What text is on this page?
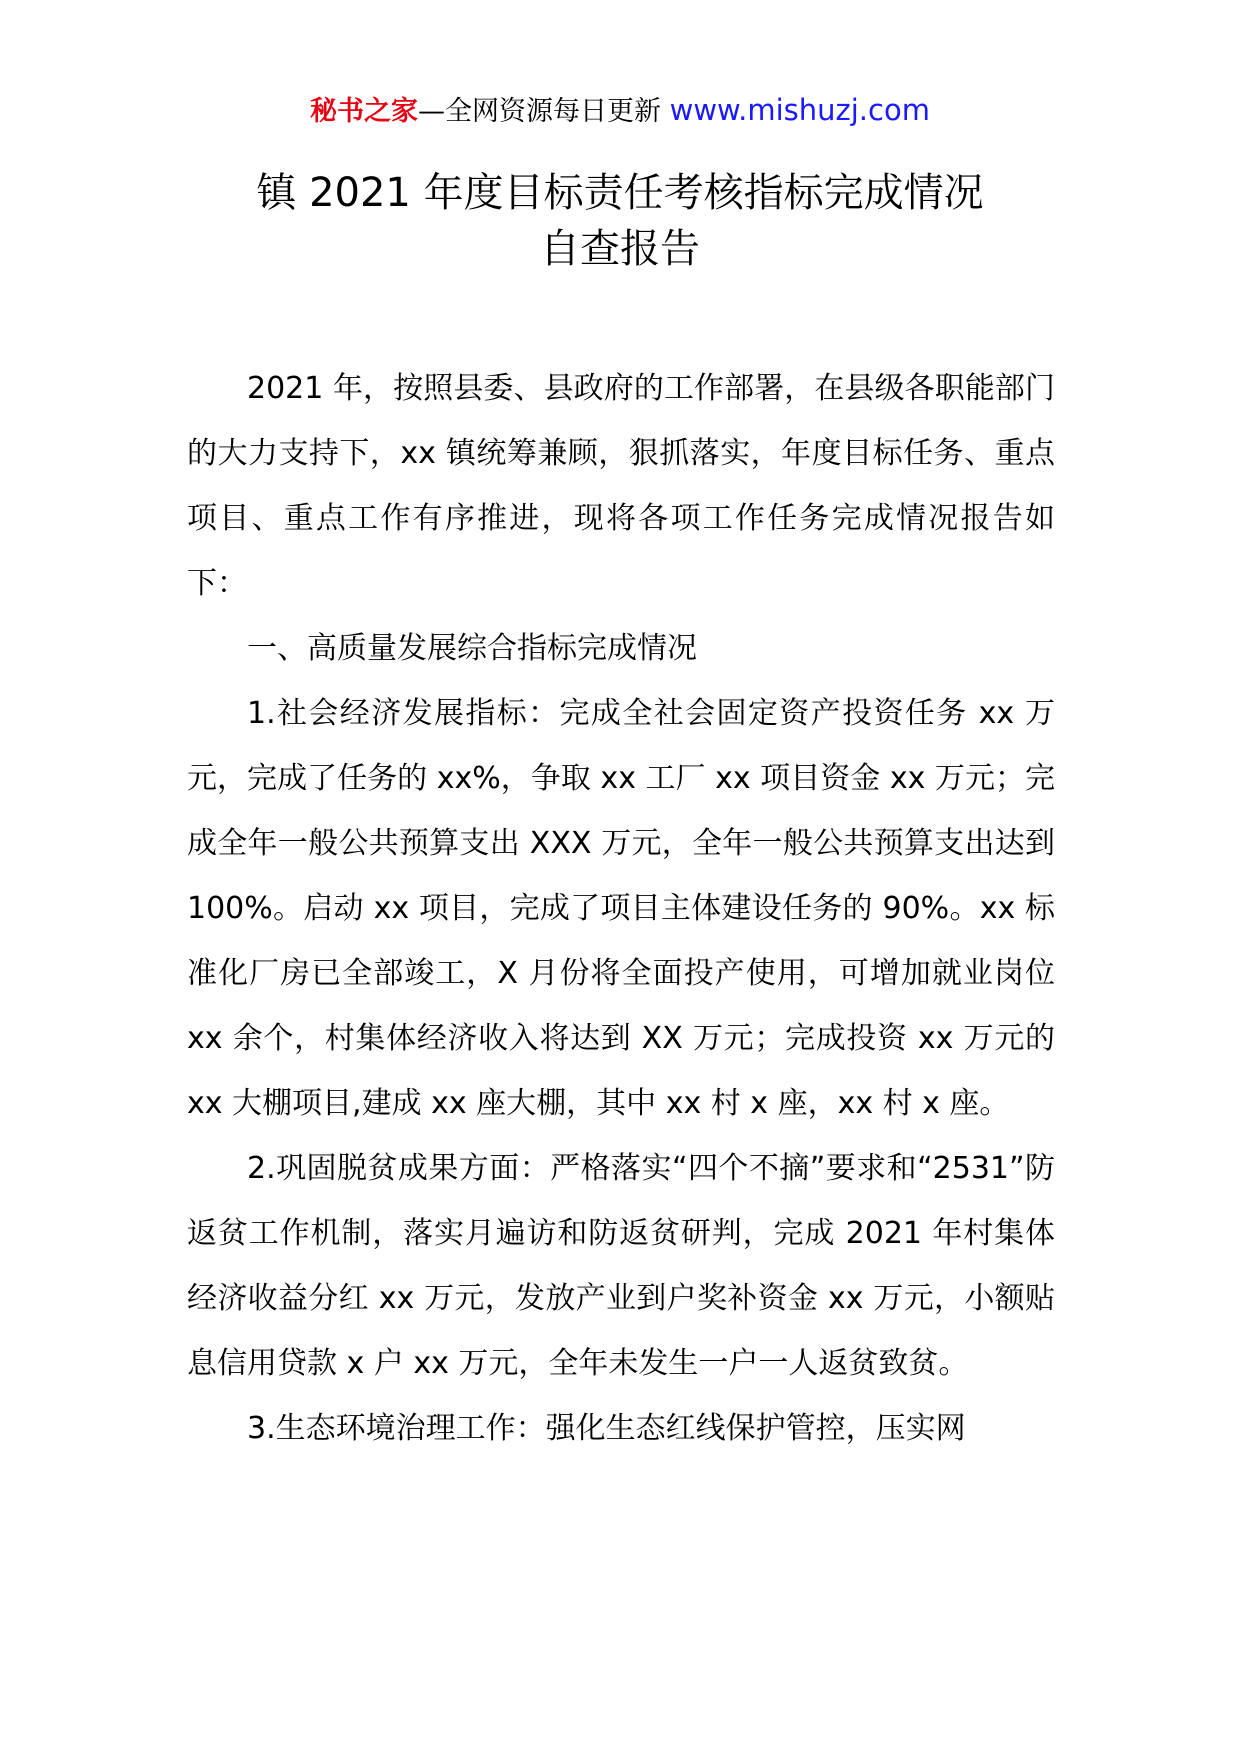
秘书之家—全网资源每日更新 www.mishuzj.com
镇 2021 年度目标责任考核指标完成情况
自查报告

2021 年，按照县委、县政府的工作部署，在县级各职能部门的大力支持下，xx 镇统筹兼顾，狠抓落实，年度目标任务、重点项目、重点工作有序推进，现将各项工作任务完成情况报告如下：

一、高质量发展综合指标完成情况

1.社会经济发展指标：完成全社会固定资产投资任务 xx 万元，完成了任务的 xx%，争取 xx 工厂 xx 项目资金 xx 万元；完成全年一般公共预算支出 XXX 万元，全年一般公共预算支出达到 100%。启动 xx 项目，完成了项目主体建设任务的 90%。xx 标准化厂房已全部竣工，X 月份将全面投产使用，可增加就业岗位 xx 余个，村集体经济收入将达到 XX 万元；完成投资 xx 万元的 xx 大棚项目,建成 xx 座大棚，其中 xx 村 x 座，xx 村 x 座。

2.巩固脱贫成果方面：严格落实“四个不摘”要求和“2531”防返贫工作机制，落实月遍访和防返贫研判，完成 2021 年村集体经济收益分红 xx 万元，发放产业到户奖补资金 xx 万元，小额贴息信用贷款 x 户 xx 万元，全年未发生一户一人返贫致贫。

3.生态环境治理工作：强化生态红线保护管控，压实网
